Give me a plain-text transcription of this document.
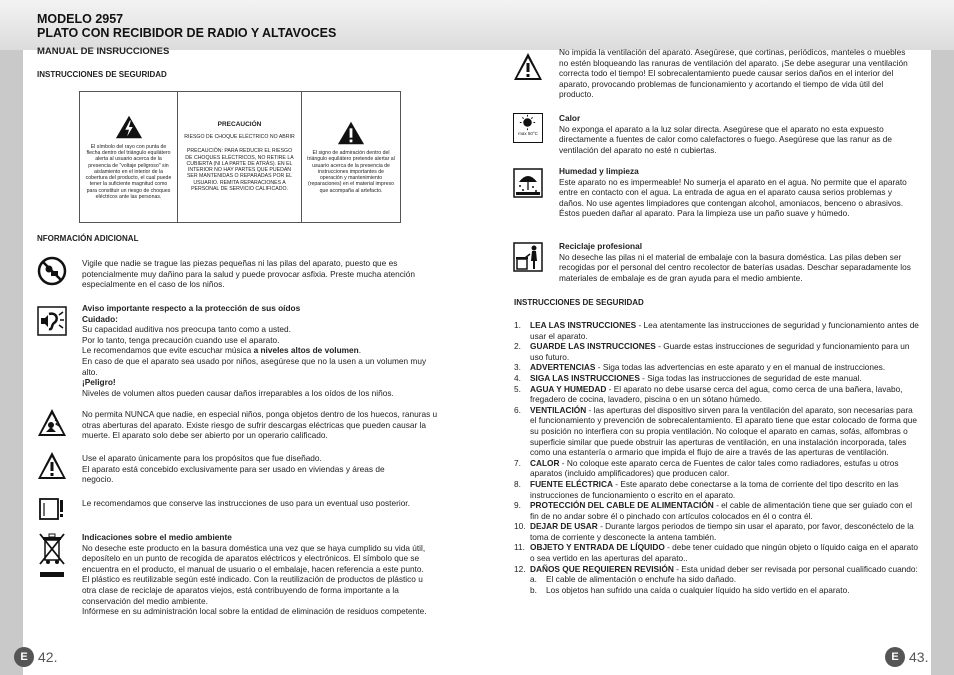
MODELO 2957
PLATO CON RECIBIDOR DE RADIO Y ALTAVOCES
MANUAL DE INSRUCCIONES
INSTRUCCIONES DE SEGURIDAD
El símbolo del rayo con punta de flecha dentro del triángulo equilátero alerta al usuario acerca de la presencia de "voltaje peligroso" sin aislamiento en el interior de la cobertura del producto, el cual puede tener la suficiente magnitud como para constituir un riesgo de choques eléctricos ante las personas.
PRECAUCIÓN
RIESGO DE CHOQUE ELÉCTRICO NO ABRIR
PRECAUCIÓN: PARA REDUCIR EL RIESGO DE CHOQUES ELÉCTRICOS, NO RETIRE LA CUBIERTA (NI LA PARTE DE ATRÁS). EN EL INTERIOR NO HAY PARTES QUE PUEDAN SER MANTENIDAS O REPARADAS POR EL USUARIO. REMITA REPARACIONES A PERSONAL DE SERVICIO CALIFICADO.
El signo de admiración dentro del triángulo equilátero pretende alertar al usuario acerca de la presencia de instrucciones importantes de operación y mantenimiento (reparaciones) en el material impreso que acompaña al artefacto.
NFORMACIÓN ADICIONAL
Vigile que nadie se trague las piezas pequeñas ni las pilas del aparato, puesto que es potencialmente muy dañino para la salud y puede provocar asfixia. Preste mucha atención especialmente en el caso de los niños.
Aviso importante respecto a la protección de sus oídos
Cuidado:
Su capacidad auditiva nos preocupa tanto como a usted.
Por lo tanto, tenga precaución cuando use el aparato.
Le recomendamos que evite escuchar música a niveles altos de volumen.
En caso de que el aparato sea usado por niños, asegúrese que no la usen a un volumen muy alto.
¡Peligro!
Niveles de volumen altos pueden causar daños irreparables a los oídos de los niños.
No permita NUNCA que nadie, en especial niños, ponga objetos dentro de los huecos, ranuras u otras aberturas del aparato. Existe riesgo de sufrir descargas eléctricas que pueden causar la muerte. El aparato solo debe ser abierto por un operario calificado.
Use el aparato únicamente para los propósitos que fue diseñado.
El aparato está concebido exclusivamente para ser usado en viviendas y áreas de negocio.
Le recomendamos que conserve las instrucciones de uso para un eventual uso posterior.
Indicaciones sobre el medio ambiente
No deseche este producto en la basura doméstica una vez que se haya cumplido su vida útil, deposítelo en un punto de recogida de aparatos eléctricos y electrónicos. El símbolo que se encuentra en el producto, el manual de usuario o el embalaje, hacen referencia a este punto.
El plástico es reutilizable según esté indicado. Con la reutilización de productos de plástico u otra clase de reciclaje de aparatos viejos, está contribuyendo de forma importante a la conservación del medio ambiente.
Infórmese en su administración local sobre la entidad de eliminación de residuos competente.
E 42.
No impida la ventilación del aparato. Asegúrese, que cortinas, periódicos, manteles o muebles no estén bloqueando las ranuras de ventilación del aparato. ¡Se debe asegurar una ventilación correcta todo el tiempo! El sobrecalentamiento puede causar serios daños en el interior del aparato, provocando problemas de funcionamiento y acortando el tiempo de vida útil del producto.
max 50°C
Calor
No exponga el aparato a la luz solar directa. Asegúrese que el aparato no esta expuesto directamente a fuentes de calor como calefactores o fuego. Asegúrese que las ranur as de ventilación del aparato no esté n cubiertas.
Humedad y limpieza
Este aparato no es impermeable! No sumerja el aparato en el agua. No permite que el aparato entre en contacto con el agua. La entrada de agua en el aparato causa serios problemas y daños. No use agentes limpiadores que contengan alcohol, amoniacos, benceno o abrasivos. Éstos pueden dañar al aparato. Para la limpieza use un paño suave y húmedo.
Reciclaje profesional
No deseche las pilas ni el material de embalaje con la basura doméstica. Las pilas deben ser recogidas por el personal del centro recolector de baterías usadas. Deschar separadamente los materiales de embalaje es de gran ayuda para el medio ambiente.
INSTRUCCIONES DE SEGURIDAD
1.	LEA LAS INSTRUCCIONES - Lea atentamente las instrucciones de seguridad y funcionamiento antes de usar el aparato.
2.	GUARDE LAS INSTRUCCIONES - Guarde estas instrucciones de seguridad y funcionamiento para un uso futuro.
3.	ADVERTENCIAS - Siga todas las advertencias en este aparato y en el manual de instrucciones.
4.	SIGA LAS INSTRUCCIONES - Siga todas las instrucciones de seguridad de este manual.
5.	AGUA Y HUMEDAD - El aparato no debe usarse cerca del agua, como cerca de una bañera, lavabo, fregadero de cocina, lavadero, piscina o en un sótano húmedo.
6.	VENTILACIÓN - las aperturas del dispositivo sirven para la ventilación del aparato, son necesarias para el funcionamiento y prevención de sobrecalentamiento. El aparato tiene que estar colocado de forma que su posición no interfiera con su propia ventilación. No coloque el aparato en camas, sofás, alfombras o superficie similar que puede obstruir las aperturas de ventilación, en una instalación incorporada, tales como una estantería o armario que impida el flujo de aire a través de las aperturas de ventilación.
7.	CALOR - No coloque este aparato cerca de Fuentes de calor tales como radiadores, estufas u otros aparatos (incluido amplificadores) que producen calor.
8.	FUENTE ELÉCTRICA - Este aparato debe conectarse a la toma de corriente del tipo descrito en las instrucciones de funcionamiento o escrito en el aparato.
9.	PROTECCIÓN DEL CABLE DE ALIMENTACIÓN - el cable de alimentación tiene que ser guiado con el fin de no andar sobre él o pinchado con artículos colocados en él o contra él.
10. DEJAR DE USAR - Durante largos periodos de tiempo sin usar el aparato, por favor, desconéctelo de la toma de corriente y desconecte la antena también.
11. OBJETO Y ENTRADA DE LÍQUIDO - debe tener cuidado que ningún objeto o líquido caiga en el aparato o sea vertido en las aperturas del aparato..
12. DAÑOS QUE REQUIEREN REVISIÓN - Esta unidad deber ser revisada por personal cualificado cuando:
a.	El cable de alimentación o enchufe ha sido dañado.
b.	Los objetos han sufrido una caída o cualquier líquido ha sido vertido en el aparato.
E 43.
